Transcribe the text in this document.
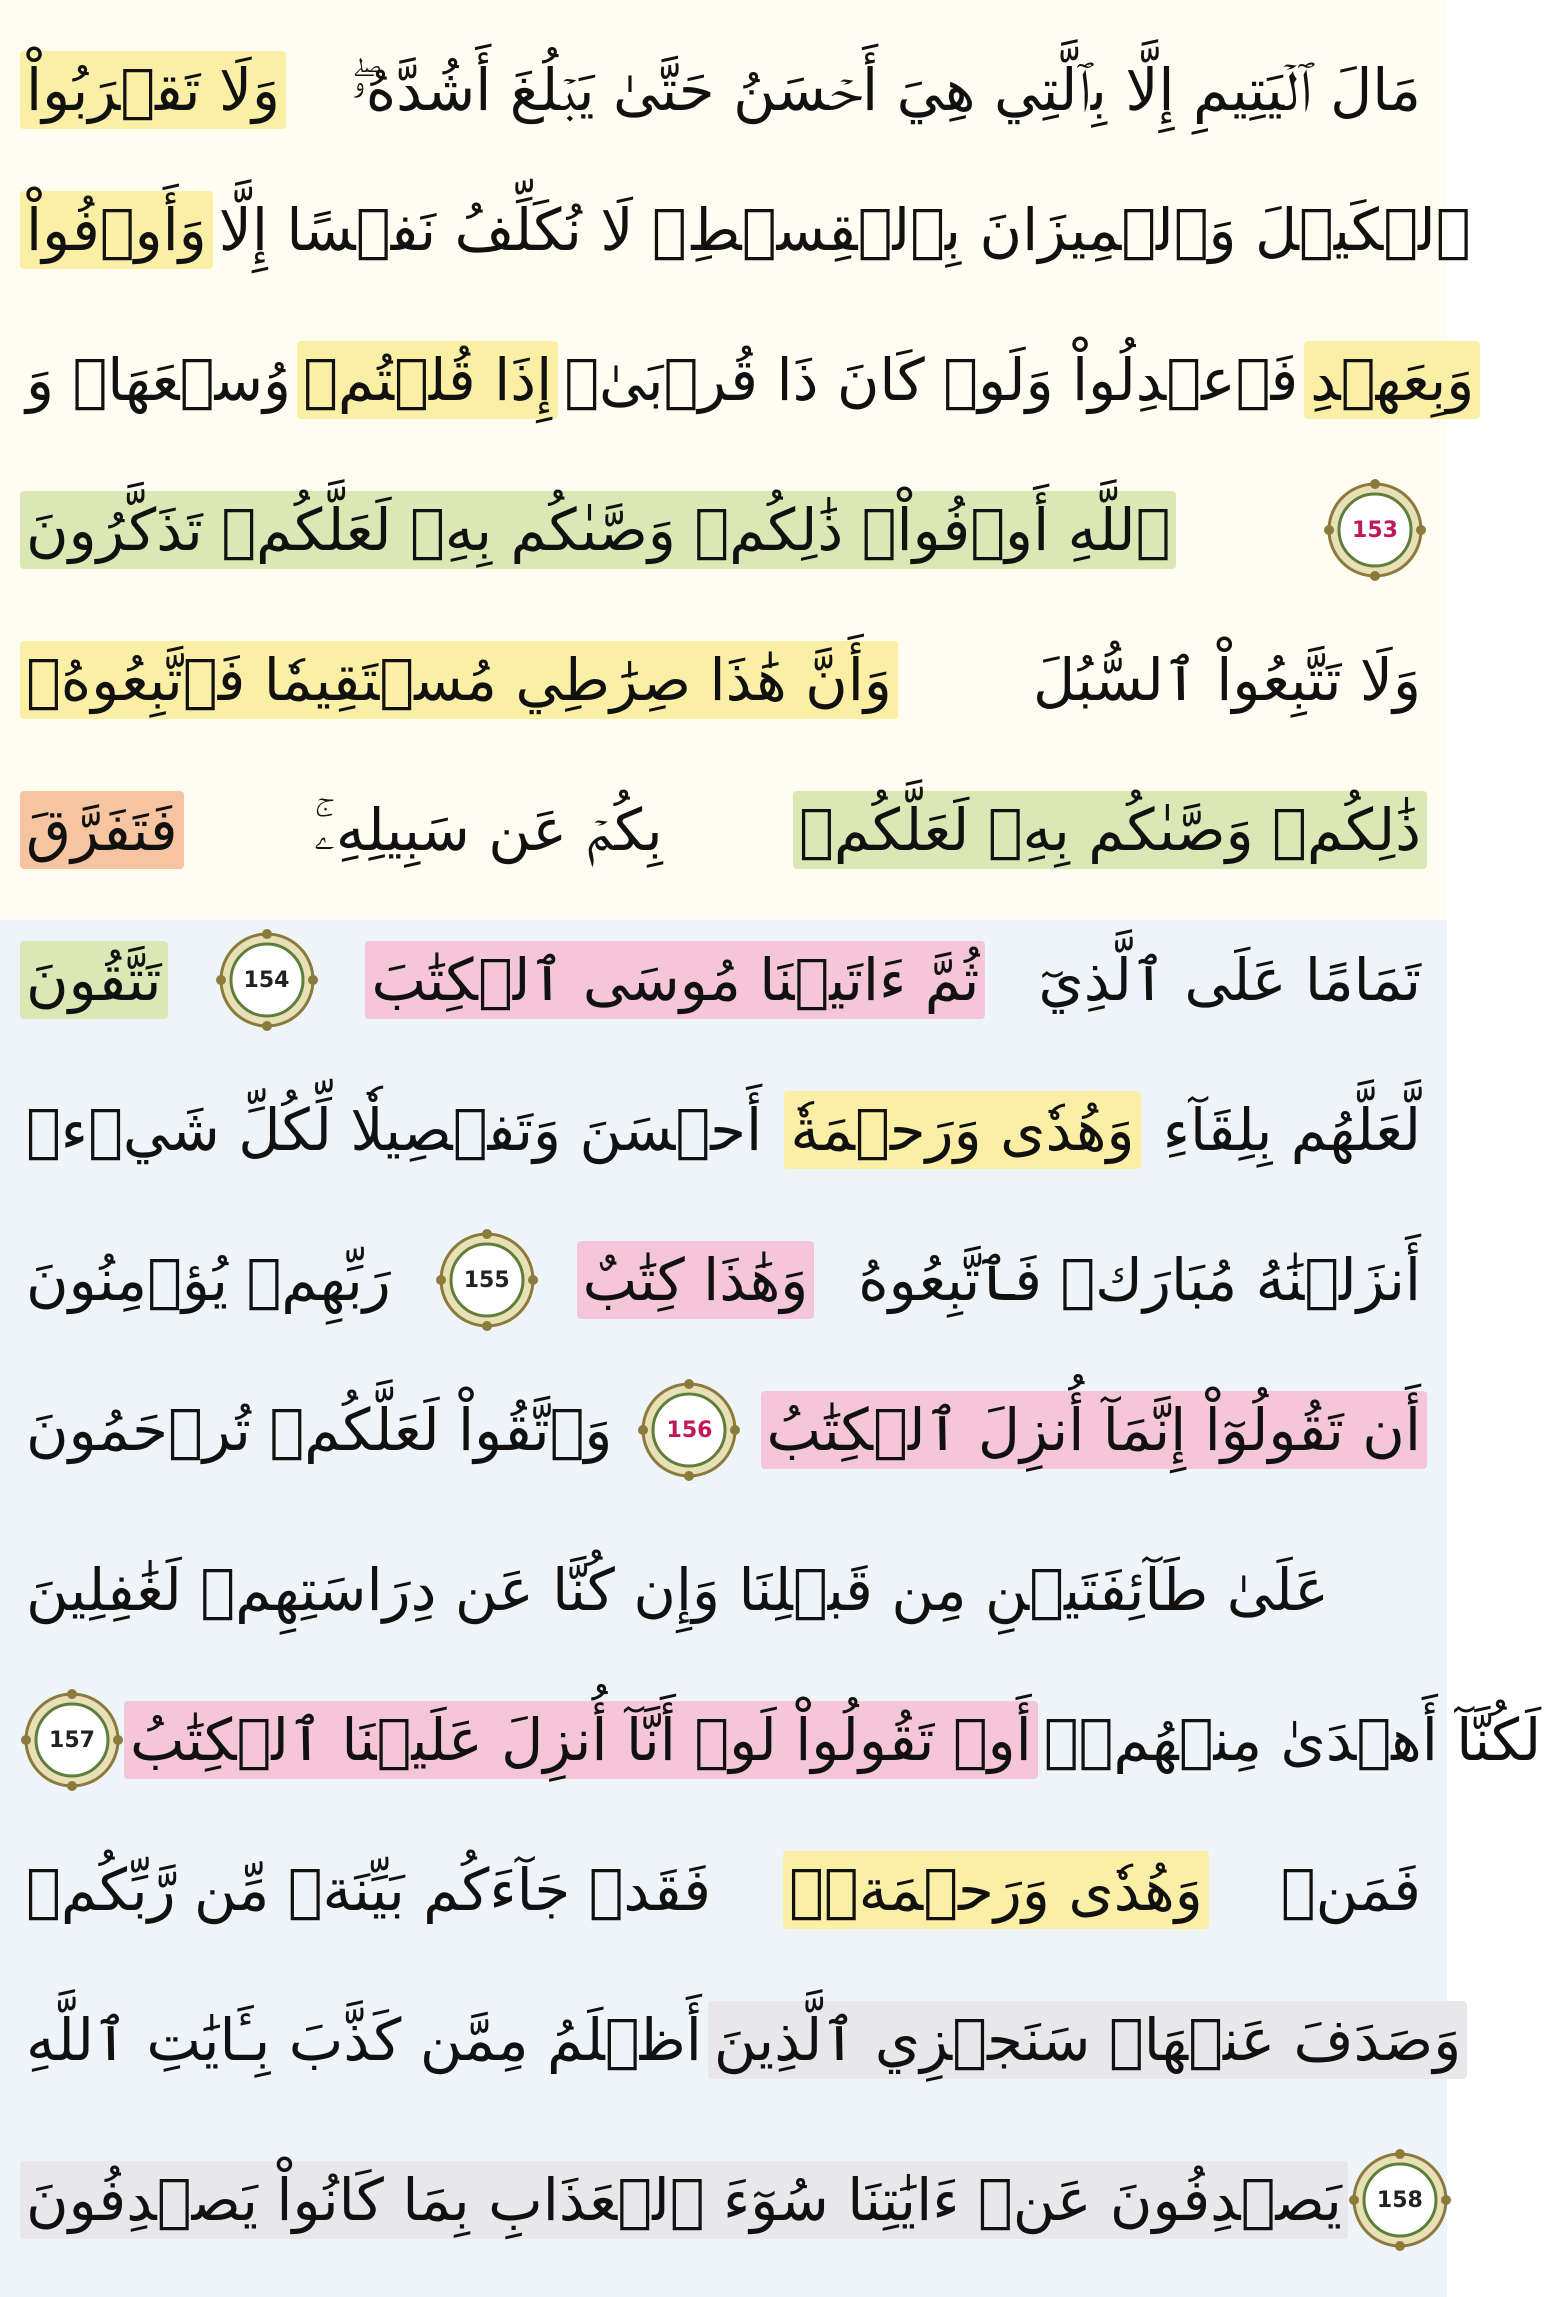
وَلَا تَقۡرَبُواْ مَالَ ٱلۡيَتِيمِ إِلَّا بِٱلَّتِي هِيَ أَحۡسَنُ حَتَّىٰ يَبۡلُغَ أَشُدَّهُۥۖ
وَأَوۡفُواْ ٱلۡكَيۡلَ وَٱلۡمِيزَانَ بِٱلۡقِسۡطِۖ لَا نُكَلِّفُ نَفۡسًا إِلَّا
وُسۡعَهَاۖ وَ إِذَا قُلۡتُمۡ فَٱعۡدِلُواْ وَلَوۡ كَانَ ذَا قُرۡبَىٰۖ وَبِعَهۡدِ
ٱللَّهِ أَوۡفُواْۚ ذَٰلِكُمۡ وَصَّىٰكُم بِهِۦ لَعَلَّكُمۡ تَذَكَّرُونَ	153
وَأَنَّ هَٰذَا صِرَٰطِي مُسۡتَقِيمٗا فَٱتَّبِعُوهُۖ وَلَا تَتَّبِعُواْ ٱلسُّبُلَ
فَتَفَرَّقَ بِكُمۡ عَن سَبِيلِهِۦۚ ذَٰلِكُمۡ وَصَّىٰكُم بِهِۦ لَعَلَّكُمۡ
تَتَّقُونَ	154	ثُمَّ ءَاتَيۡنَا مُوسَى ٱلۡكِتَٰبَ تَمَامًا عَلَى ٱلَّذِيٓ
أَحۡسَنَ وَتَفۡصِيلٗا لِّكُلِّ شَيۡءٖ وَهُدٗى وَرَحۡمَةٗ لَّعَلَّهُم بِلِقَآءِ
رَبِّهِمۡ يُؤۡمِنُونَ	155	وَهَٰذَا كِتَٰبٌ أَنزَلۡنَٰهُ مُبَارَكٞ فَٱتَّبِعُوهُ
وَٱتَّقُواْ لَعَلَّكُمۡ تُرۡحَمُونَ	156 أَن تَقُولُوٓاْ إِنَّمَآ أُنزِلَ ٱلۡكِتَٰبُ
عَلَىٰ طَآئِفَتَيۡنِ مِن قَبۡلِنَا وَإِن كُنَّا عَن دِرَاسَتِهِمۡ لَغَٰفِلِينَ
157 أَوۡ تَقُولُواْ لَوۡ أَنَّآ أُنزِلَ عَلَيۡنَا ٱلۡكِتَٰبُ لَكُنَّآ أَهۡدَىٰ مِنۡهُمۡۚ
فَقَدۡ جَآءَكُم بَيِّنَةٞ مِّن رَّبِّكُمۡ وَهُدٗى وَرَحۡمَةٞۚ فَمَنۡ
أَظۡلَمُ مِمَّن كَذَّبَ بِـَٔايَٰتِ ٱللَّهِ وَصَدَفَ عَنۡهَاۗ سَنَجۡزِي ٱلَّذِينَ
يَصۡدِفُونَ عَنۡ ءَايَٰتِنَا سُوٓءَ ٱلۡعَذَابِ بِمَا كَانُواْ يَصۡدِفُونَ	158
